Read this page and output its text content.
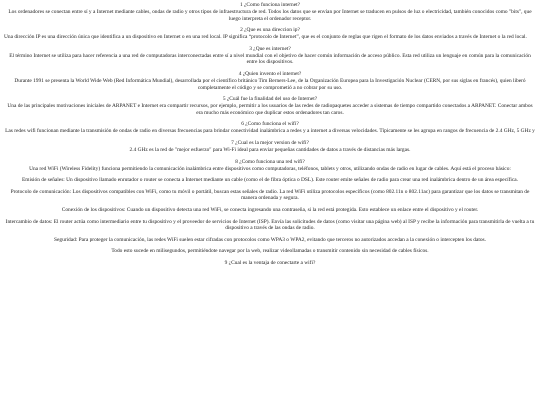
1 ¿Como funciona internet?

Los ordenadores se conectan entre sí y a Internet mediante cables, ondas de radio y otros tipos de infraestructura de red. Todos los datos que se envían por Internet se traducen en pulsos de luz o electricidad, también conocidos como "bits", que luego interpreta el ordenador receptor.

2 ¿Que es una direccion ip?

Una dirección IP es una dirección única que identifica a un dispositivo en Internet o en una red local. IP significa “protocolo de Internet”, que es el conjunto de reglas que rigen el formato de los datos enviados a través de Internet o la red local.

3 ¿Que es internet?

El término Internet se utiliza para hacer referencia a una red de computadoras interconectadas entre sí a nivel mundial con el objetivo de hacer común información de acceso público. Esta red utiliza un lenguaje en común para la comunicación entre los dispositivos.

4 ¿Quien invento el internet?

Durante 1991 se presenta la World Wide Web (Red Informática Mundial), desarrollada por el científico británico Tim Berners-Lee, de la Organización Europea para la Investigación Nuclear (CERN, por sus siglas en francés), quien liberó completamente el código y se comprometió a no cobrar por su uso.

5 ¿Cuál fue la finalidad del uso de Internet?

Una de las principales motivaciones iniciales de ARPANET e Internet era compartir recursos, por ejemplo, permitir a los usuarios de las redes de radiopaquetes acceder a sistemas de tiempo compartido conectados a ARPANET. Conectar ambos era mucho más económico que duplicar estos ordenadores tan caros.

6 ¿Como funciona el wifi?

Las redes wifi funcionan mediante la transmisión de ondas de radio en diversas frecuencias para brindar conectividad inalámbrica a redes y a internet a diversas velocidades. Típicamente se les agrupa en rangos de frecuencia de 2.4 GHz, 5 GHz y

7 ¿Cual es la mejor version de wifi?

2.4 GHz es la red de "mejor esfuerzo" para Wi-Fi ideal para enviar pequeñas cantidades de datos a través de distancias más largas.

8 ¿Como funciona una red wifi?

Una red WiFi (Wireless Fidelity) funciona permitiendo la comunicación inalámbrica entre dispositivos como computadoras, teléfonos, tablets y otros, utilizando ondas de radio en lugar de cables. Aquí está el proceso básico:

Emisión de señales: Un dispositivo llamado enrutador o router se conecta a Internet mediante un cable (como el de fibra óptica o DSL). Este router emite señales de radio para crear una red inalámbrica dentro de un área específica.

Protocolo de comunicación: Los dispositivos compatibles con WiFi, como tu móvil o portátil, buscan estas señales de radio. La red WiFi utiliza protocolos específicos (como 802.11n o 802.11ac) para garantizar que los datos se transmitan de manera ordenada y segura.

Conexión de los dispositivos: Cuando un dispositivo detecta una red WiFi, se conecta ingresando una contraseña, si la red está protegida. Esto establece un enlace entre el dispositivo y el router.

Intercambio de datos: El router actúa como intermediario entre tu dispositivo y el proveedor de servicios de Internet (ISP). Envía las solicitudes de datos (como visitar una página web) al ISP y recibe la información para transmitirla de vuelta a tu dispositivo a través de las ondas de radio.

Seguridad: Para proteger la comunicación, las redes WiFi suelen estar cifradas con protocolos como WPA3 o WPA2, evitando que terceros no autorizados accedan a la conexión o intercepten los datos.

Todo esto sucede en milisegundos, permitiéndote navegar por la web, realizar videollamadas o transmitir contenido sin necesidad de cables físicos.

9 ¿Cual es la ventaja de conectarte a wifi?
